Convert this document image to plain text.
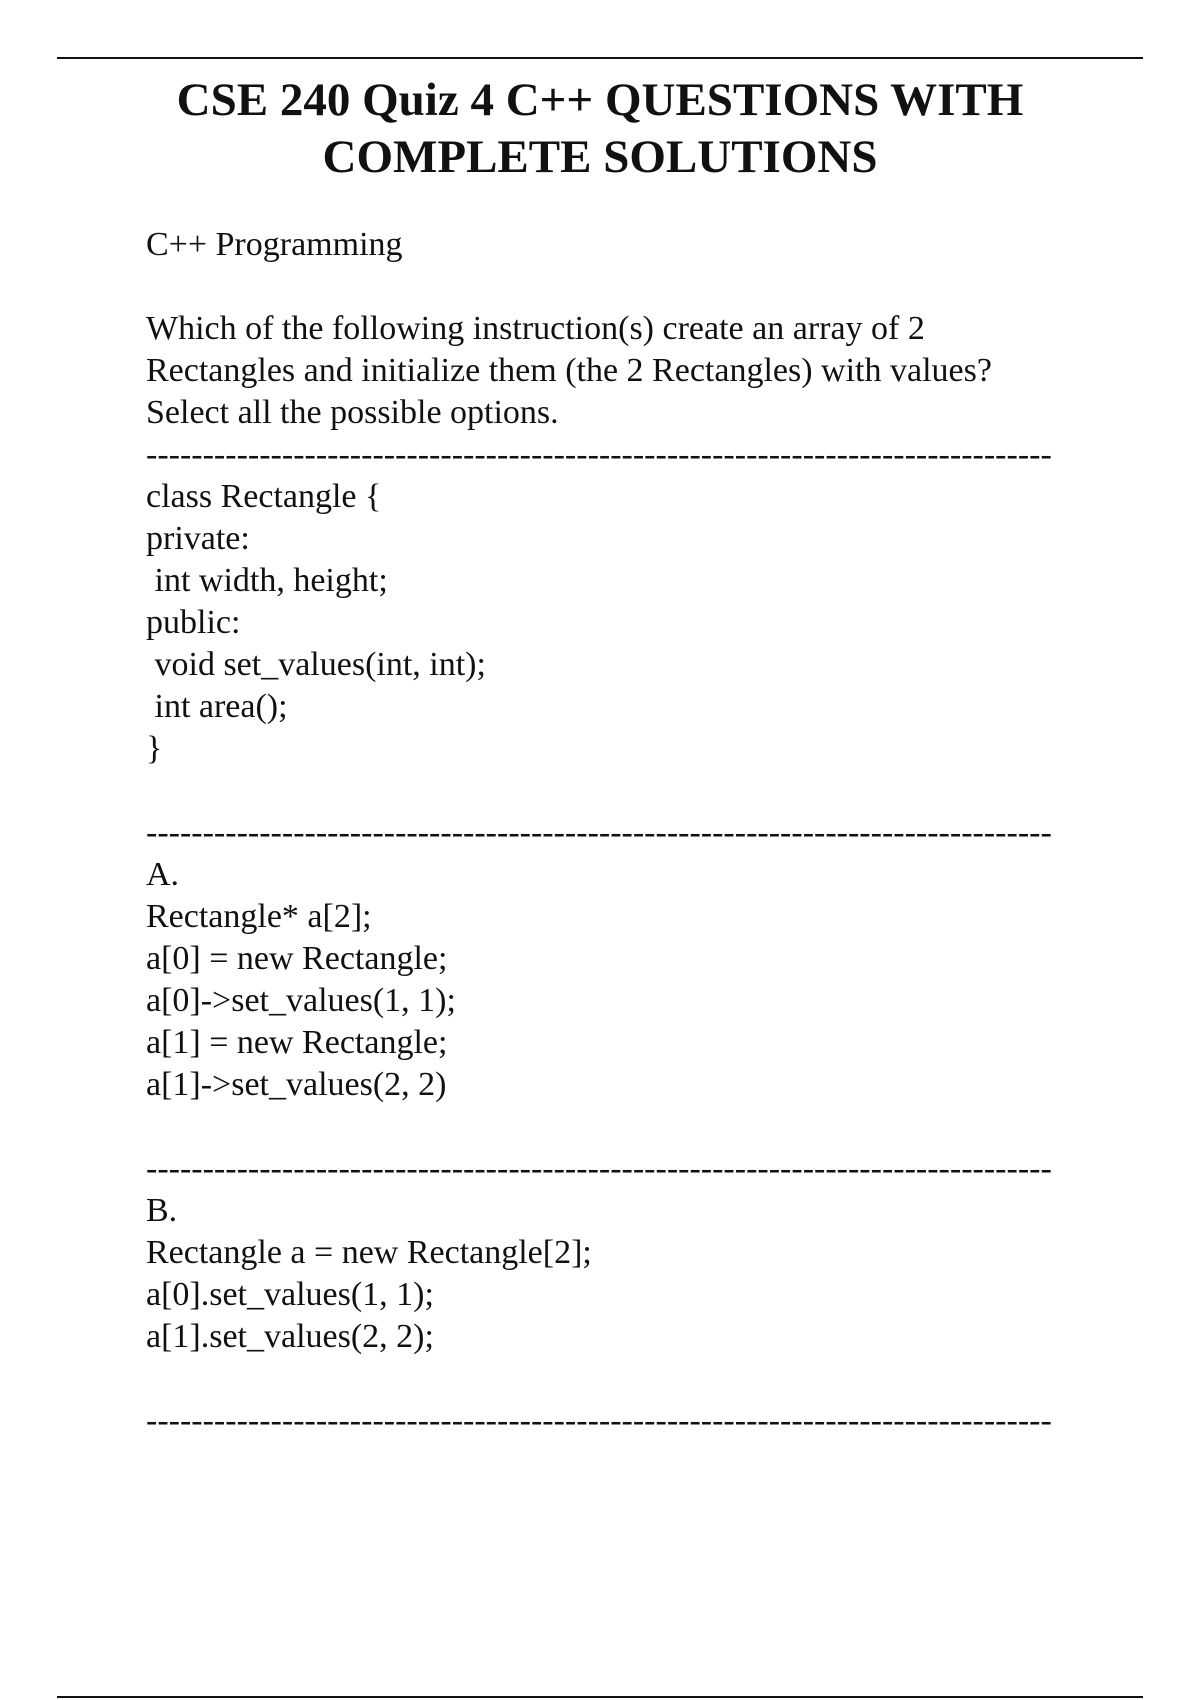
CSE 240 Quiz 4 C++ QUESTIONS WITH
COMPLETE SOLUTIONS
C++ Programming
Which of the following instruction(s) create an array of 2
Rectangles and initialize them (the 2 Rectangles) with values?
Select all the possible options.
--------------------------------------------------------------------------------
class Rectangle {
private:
int width, height;
public:
void set_values(int, int);
int area();
}
--------------------------------------------------------------------------------
A.
Rectangle* a[2];
a[0] = new Rectangle;
a[0]->set_values(1, 1);
a[1] = new Rectangle;
a[1]->set_values(2, 2)
--------------------------------------------------------------------------------
B.
Rectangle a = new Rectangle[2];
a[0].set_values(1, 1);
a[1].set_values(2, 2);
--------------------------------------------------------------------------------
